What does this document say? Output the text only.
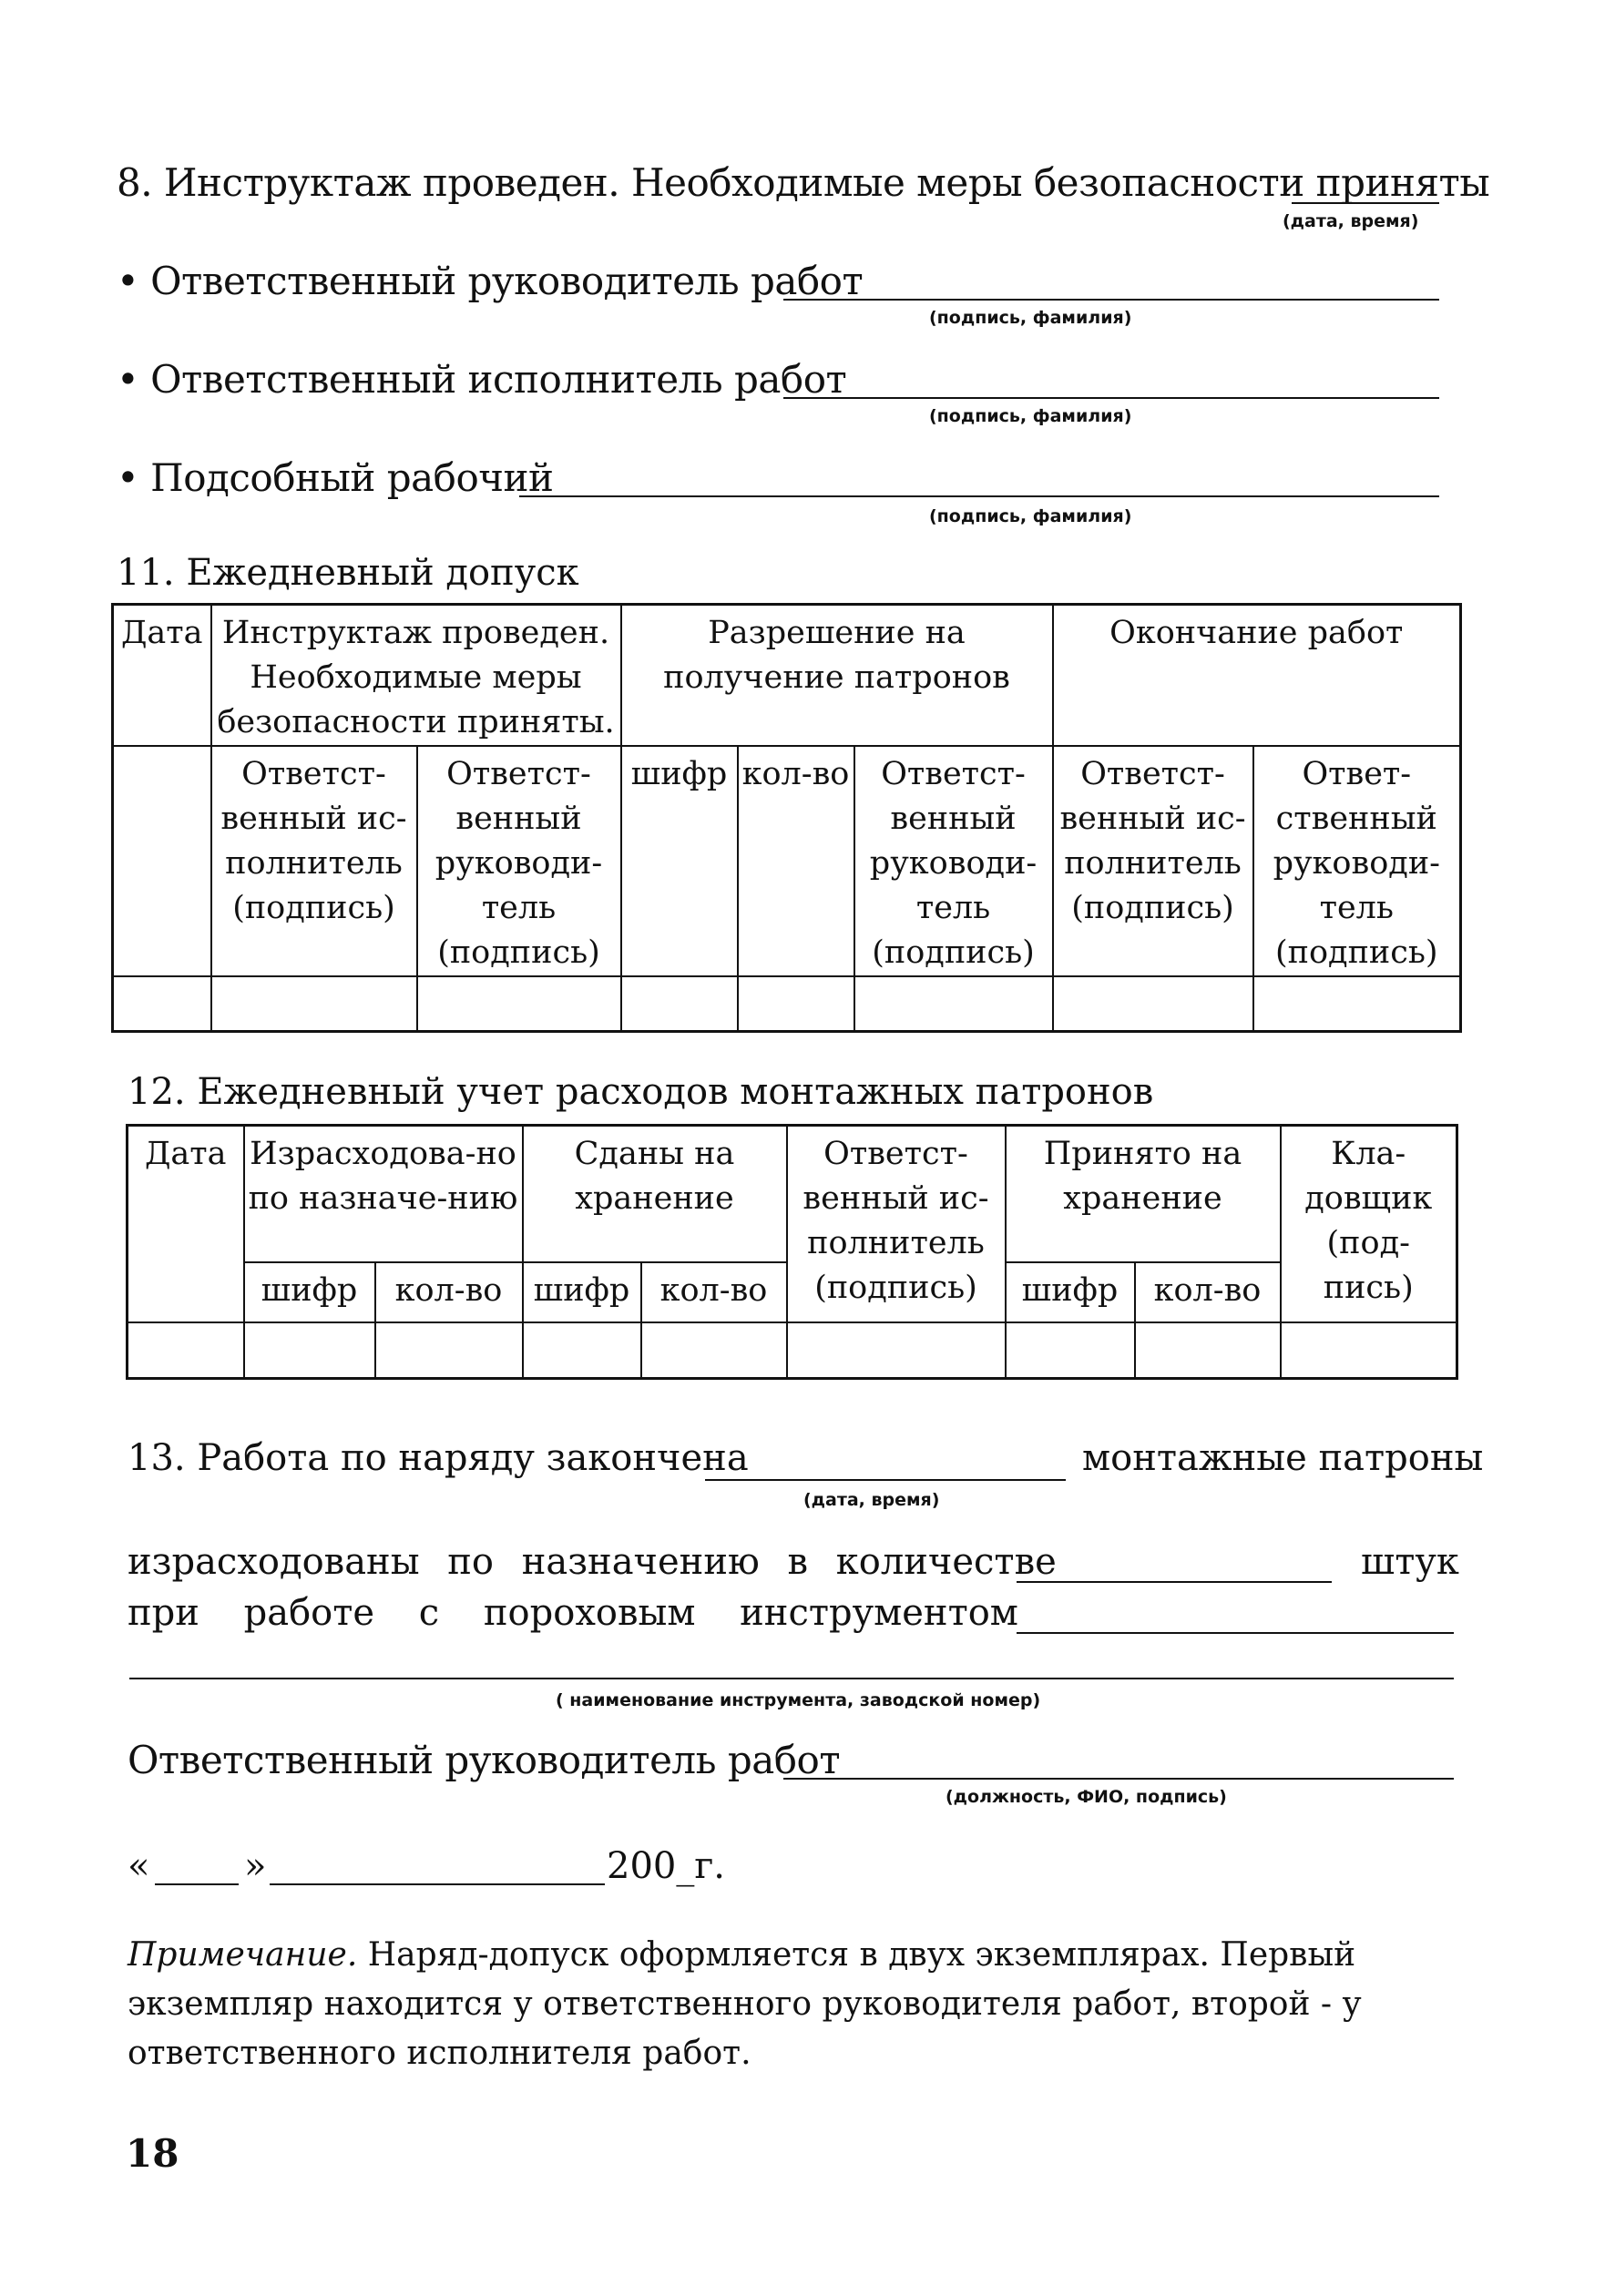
8. Инструктаж проведен. Необходимые меры безопасности приняты
(дата, время)
• Ответственный руководитель работ
(подпись, фамилия)
• Ответственный исполнитель работ
(подпись, фамилия)
• Подсобный рабочий
(подпись, фамилия)
11. Ежедневный допуск
Дата	Инструктаж проведен. Необходимые меры безопасности приняты.		Разрешение на получение патронов			Окончание работ	
	Ответст-венный ис-полнитель (подпись)	Ответст-венный руководи-тель (подпись)	шифр	кол-во	Ответст-венный руководи-тель (подпись)	Ответст-венный ис-полнитель (подпись)	Ответ-ственный руководи-тель (подпись)

12. Ежедневный учет расходов монтажных патронов
Дата	Израсходова-но по назначе-нию		Сданы на хранение		Ответст-венный ис-полнитель (подпись)	Принято на хранение		Кла-довщик (под-пись)
	шифр	кол-во	шифр	кол-во		шифр	кол-во	

13. Работа по наряду закончена	монтажные патроны
(дата, время)
израсходованы по назначению в количестве	штук
при работе с пороховым инструментом
( наименование инструмента, заводской номер)
Ответственный руководитель работ
(должность, ФИО, подпись)
«	»	200_г.
Примечание. Наряд-допуск оформляется в двух экземплярах. Первый экземпляр находится у ответственного руководителя работ, второй - у ответственного исполнителя работ.
18
